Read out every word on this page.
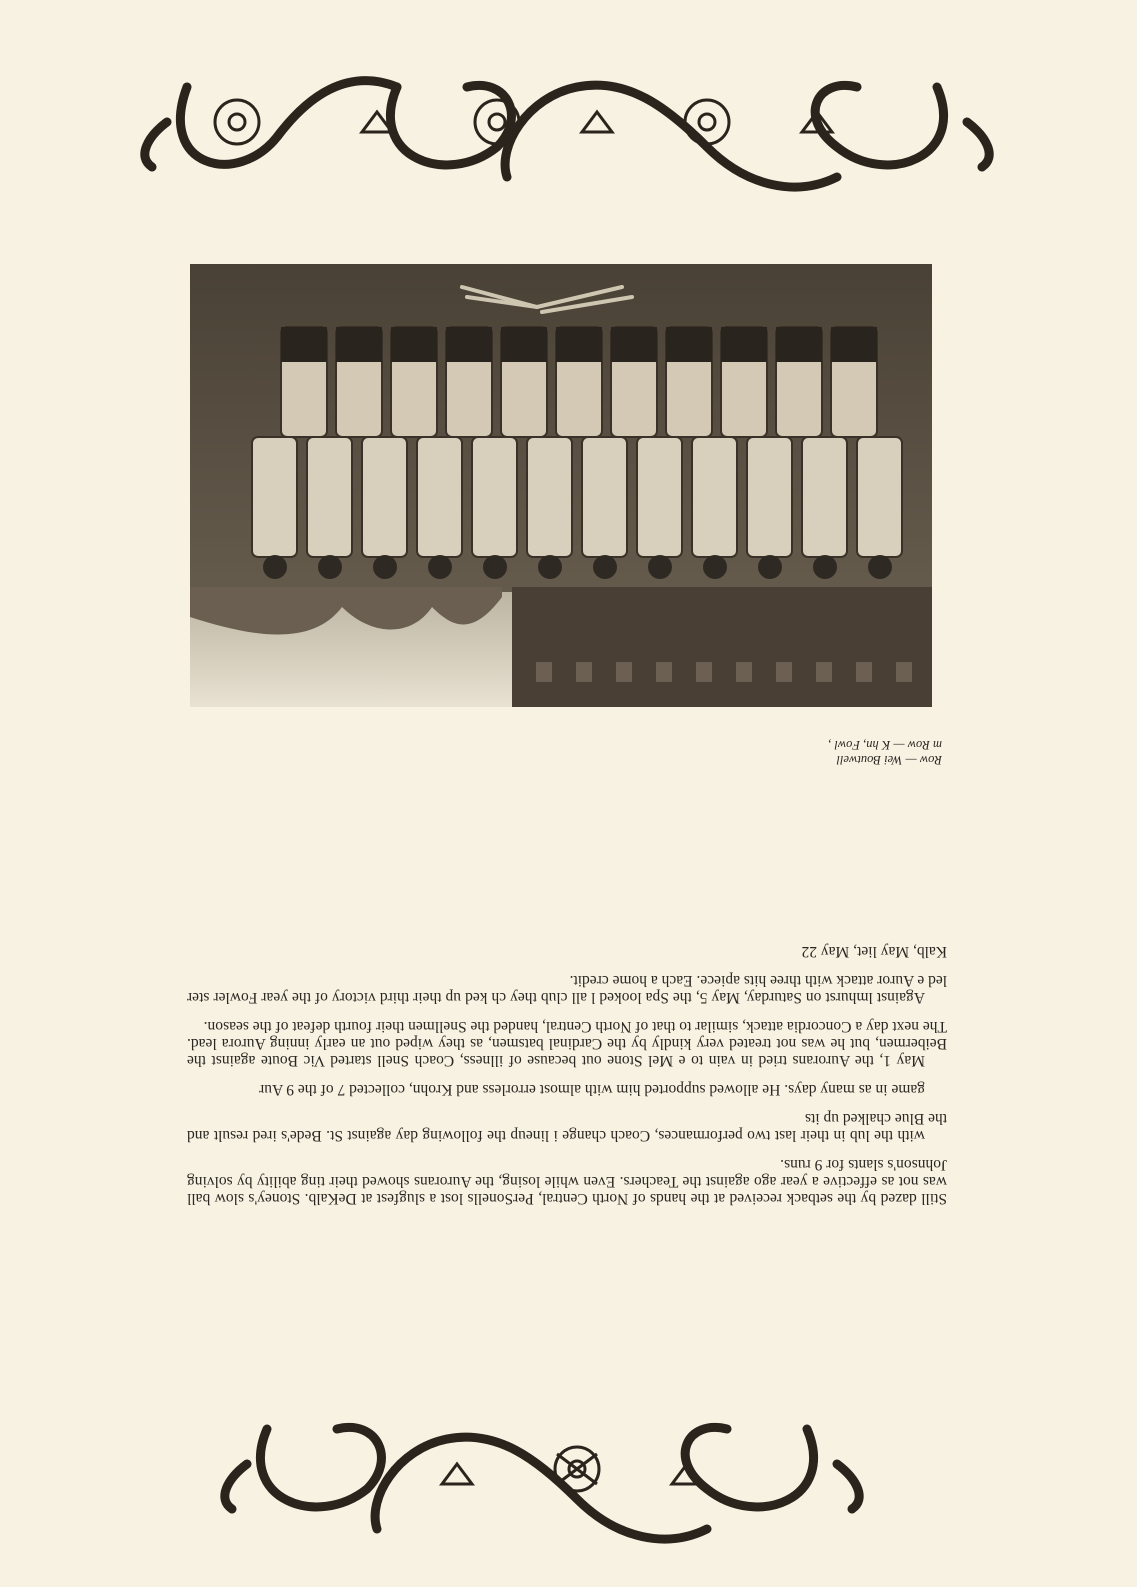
Still dazed by the setback received at the hands of North Central, PerSonells lost a slugfest at DeKalb. Stoney's slow ball was not as effective a year ago against the Teachers. Even while losing, the Aurorans showed their ting ability by solving Johnson's slants for 9 runs.

with the lub in their last two performances, Coach change i lineup the following day against St. Bede's ired result and the Blue chalked up its

game in as many days. He allowed supported him with almost errorless and Krohn, collected 7 of the 9 Aur

May 1, the Aurorans tried in vain to e Mel Stone out because of illness, Coach Snell started Vic Boute against the Beibermen, but he was not treated very kindly by the Cardinal batsmen, as they wiped out an early inning Aurora lead. The next day a Concordia attack, similar to that of North Central, handed the Snellmen their fourth defeat of the season.

Against lmhurst on Saturday, May 5, the Spa looked l all club they ch ked up their third victory of the year Fowler ster led e Auror attack with three hits apiece. Each a home credit.

Kalb, May liet, May 22

Row — Wei Boutwell
m Row — K hn, Fowl ,
